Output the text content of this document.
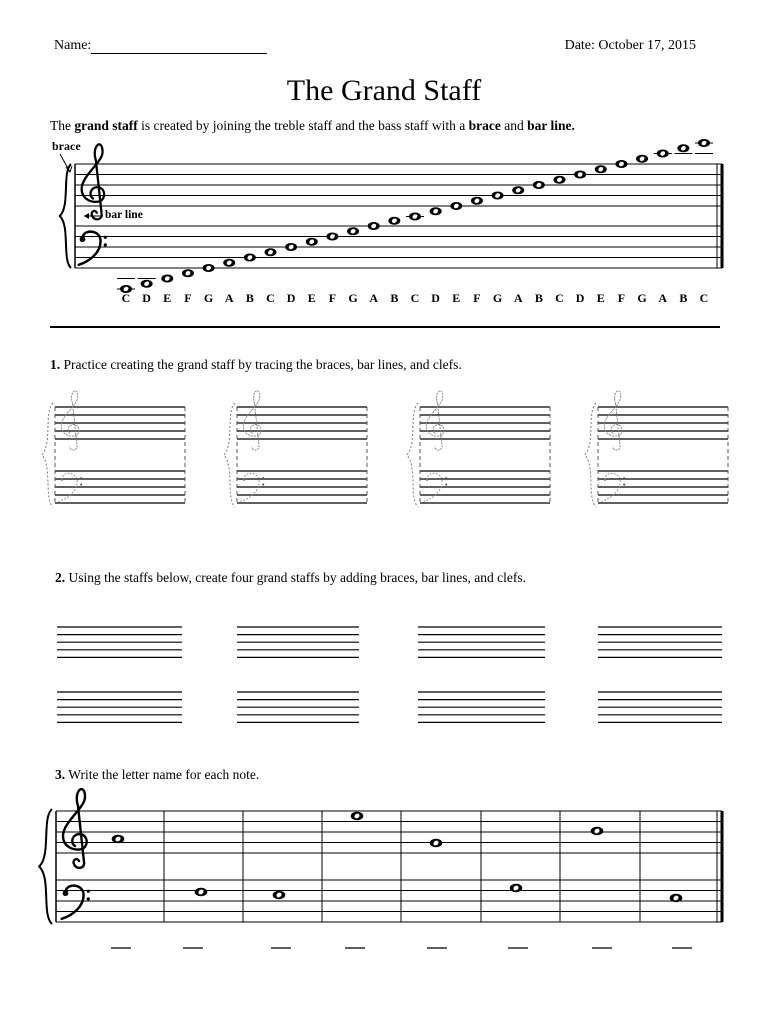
Name:	Date: October 17, 2015
The Grand Staff
The grand staff is created by joining the treble staff and the bass staff with a brace and bar line.
brace
bar line
1. Practice creating the grand staff by tracing the braces, bar lines, and clefs.
2. Using the staffs below, create four grand staffs by adding braces, bar lines, and clefs.
3. Write the letter name for each note.
C D E F G A B C D E F G A B C D E F G A B C D E F G A B C
